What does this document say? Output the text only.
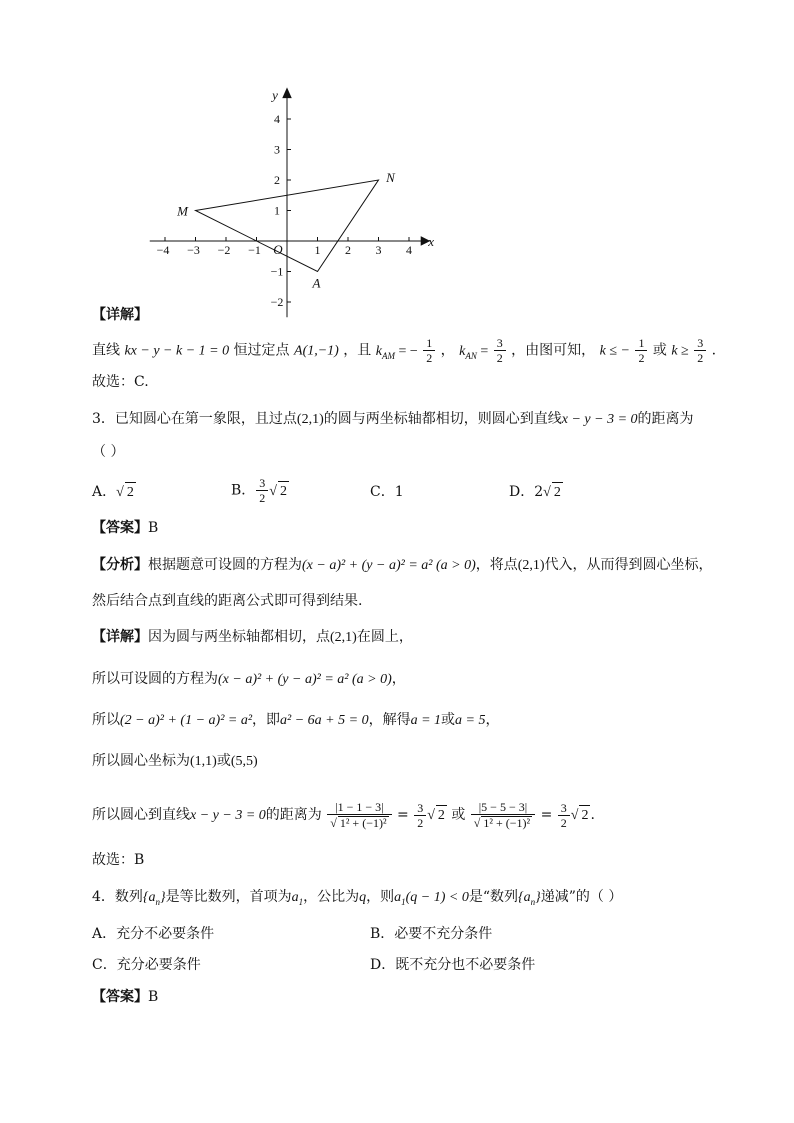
−4 −3 −2 −1	1 2 3 4
4
3
2
1
−1
−2
x
y
O
M
N
A
【详解】
直线 kx − y − k − 1 = 0 恒过定点 A(1,−1) ，且 $k_{AM}$ = − $\frac{1}{2}$ ， $k_{AN} = \frac{3}{2}$ ，由图可知， k ≤ − $\frac{1}{2}$ 或 $k \ge \frac{3}{2}$ .
故选：C.
3．已知圆心在第一象限，且过点(2,1)的圆与两坐标轴都相切，则圆心到直线x − y − 3 = 0的距离为
（ ）
A．√ 2	B． $\frac{3}{2}$ √ 2	C．1	D．2√ 2
【答案】B
【分析】根据题意可设圆的方程为(x − a)² + (y − a)² = a² (a > 0)，将点(2,1)代入，从而得到圆心坐标，
然后结合点到直线的距离公式即可得到结果.
【详解】因为圆与两坐标轴都相切，点(2,1)在圆上，
所以可设圆的方程为(x − a)² + (y − a)² = a² (a > 0)，
所以(2 − a)² + (1 − a)² = a²，即a² − 6a + 5 = 0，解得a = 1或a = 5，
所以圆心坐标为(1,1)或(5,5)
所以圆心到直线x − y − 3 = 0的距离为 $\frac{|1 - 1 - 3|}{\text{√ 1² + (−1)²}} = \frac{3}{2}$ √ 2 或 $\frac{|5 - 5 - 3|}{\text{√ 1² + (−1)²}} = \frac{3}{2}$ √ 2 .
故选：B
4．数列$\{a_n\}$是等比数列，首项为$a_1$，公比为q，则$a_1(q - 1) < 0$是“数列$\{a_n\}$递减”的（ ）
A．充分不必要条件	B．必要不充分条件
C．充分必要条件	D．既不充分也不必要条件
【答案】B
